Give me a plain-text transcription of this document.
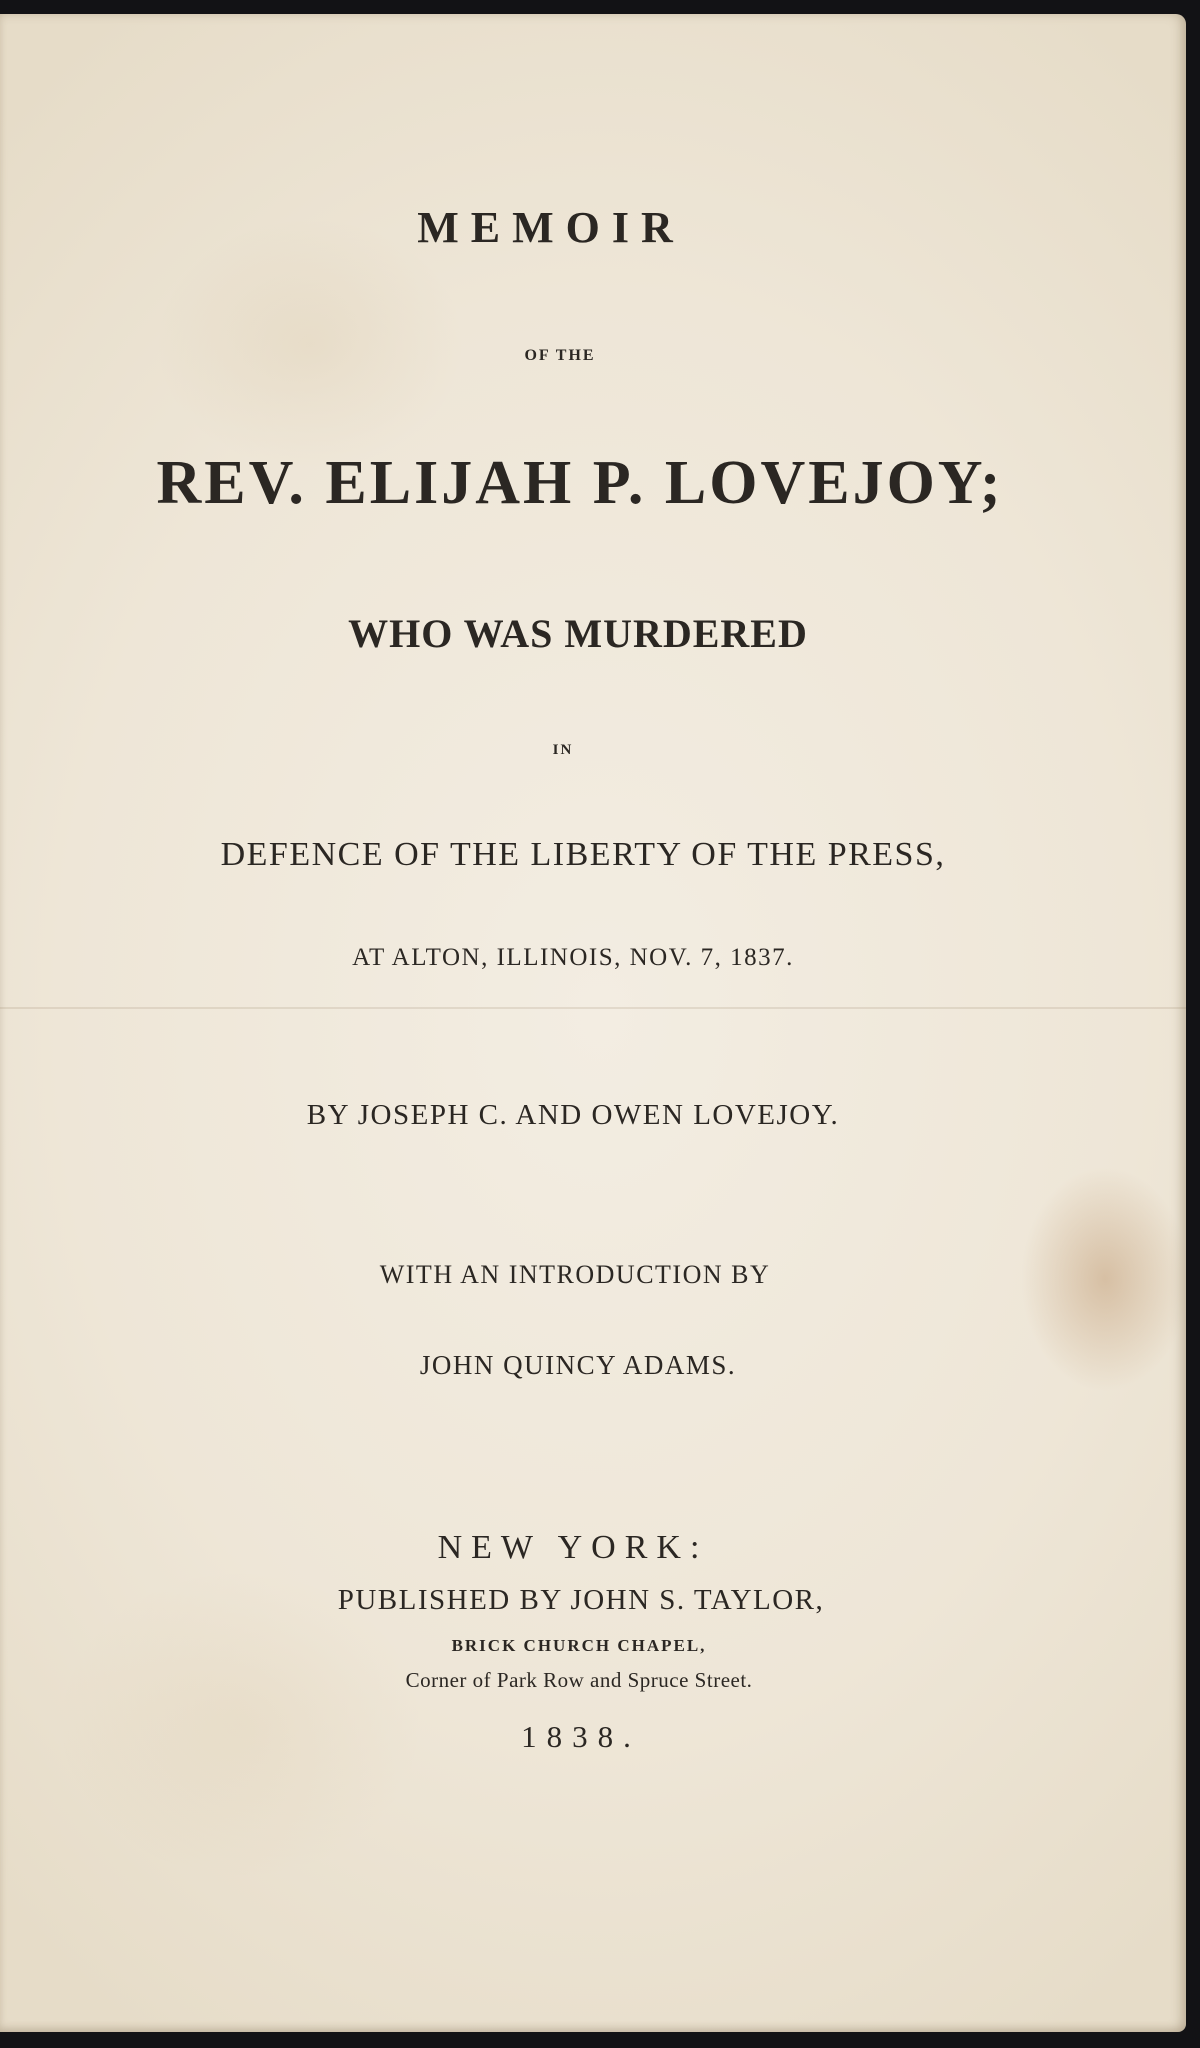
MEMOIR
OF THE
REV. ELIJAH P. LOVEJOY;
WHO WAS MURDERED
IN
DEFENCE OF THE LIBERTY OF THE PRESS,
AT ALTON, ILLINOIS, NOV. 7, 1837.
BY JOSEPH C. AND OWEN LOVEJOY.
WITH AN INTRODUCTION BY
JOHN QUINCY ADAMS.
NEW YORK:
PUBLISHED BY JOHN S. TAYLOR,
BRICK CHURCH CHAPEL,
Corner of Park Row and Spruce Street.
1838.
